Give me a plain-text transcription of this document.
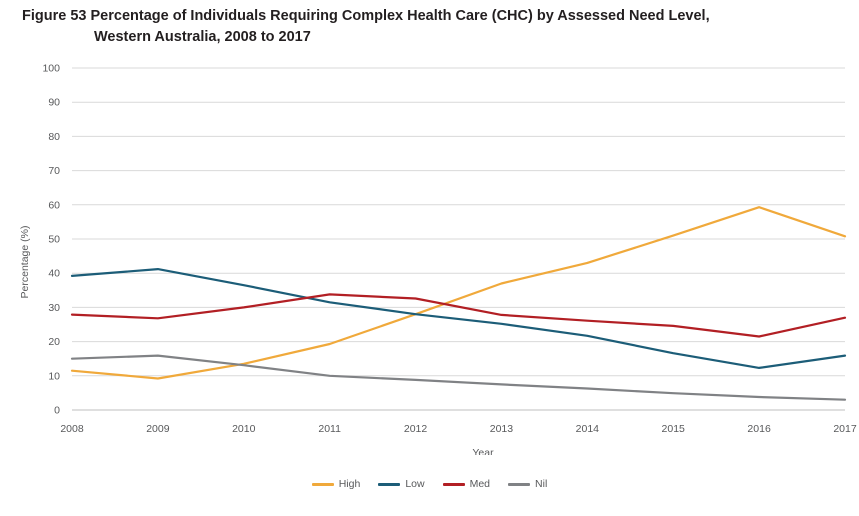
Figure 53 Percentage of Individuals Requiring Complex Health Care (CHC) by Assessed Need Level,
Western Australia, 2008 to 2017
0
10
20
30
40
50
60
70
80
90
100
2008	2009	2010	2011	2012	2013	2014	2015	2016	2017
Percentage (%)
Year
High	Low	Med	Nil
